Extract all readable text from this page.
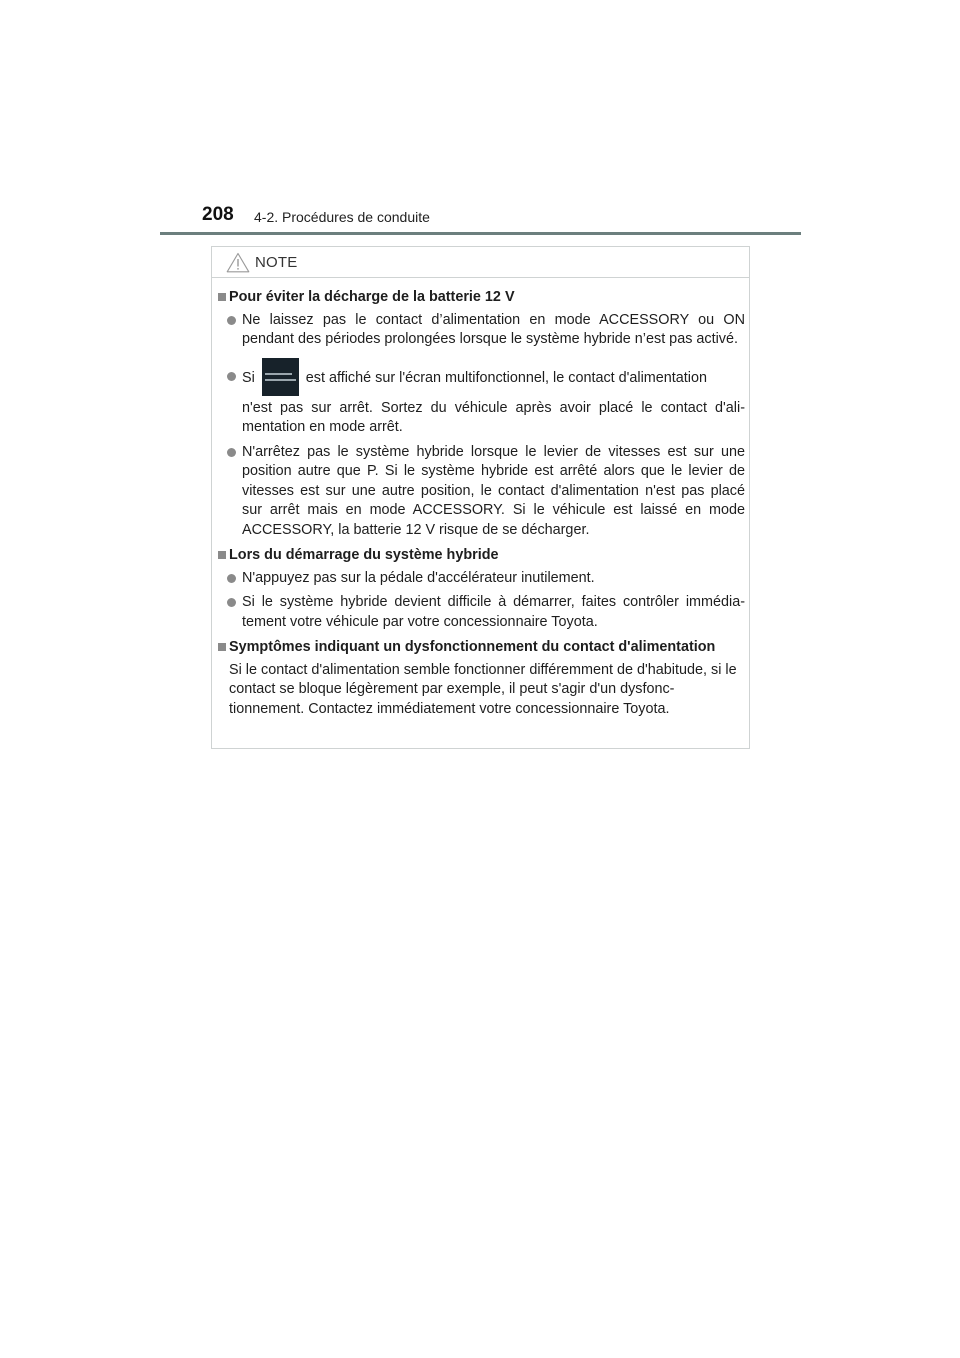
208 4-2. Procédures de conduite
NOTE
Pour éviter la décharge de la batterie 12 V
Ne laissez pas le contact d’alimentation en mode ACCESSORY ou ON pendant des périodes prolongées lorsque le système hybride n’est pas activé.
Si	est affiché sur l'écran multifonctionnel, le contact d'alimentation
n'est pas sur arrêt. Sortez du véhicule après avoir placé le contact d'ali-mentation en mode arrêt.
N'arrêtez pas le système hybride lorsque le levier de vitesses est sur une position autre que P. Si le système hybride est arrêté alors que le levier de vitesses est sur une autre position, le contact d'alimentation n'est pas placé sur arrêt mais en mode ACCESSORY. Si le véhicule est laissé en mode ACCESSORY, la batterie 12 V risque de se décharger.
Lors du démarrage du système hybride
N'appuyez pas sur la pédale d'accélérateur inutilement.
Si le système hybride devient difficile à démarrer, faites contrôler immédia-tement votre véhicule par votre concessionnaire Toyota.
Symptômes indiquant un dysfonctionnement du contact d'alimentation
Si le contact d'alimentation semble fonctionner différemment de d'habitude, si le contact se bloque légèrement par exemple, il peut s'agir d'un dysfonc-tionnement. Contactez immédiatement votre concessionnaire Toyota.
